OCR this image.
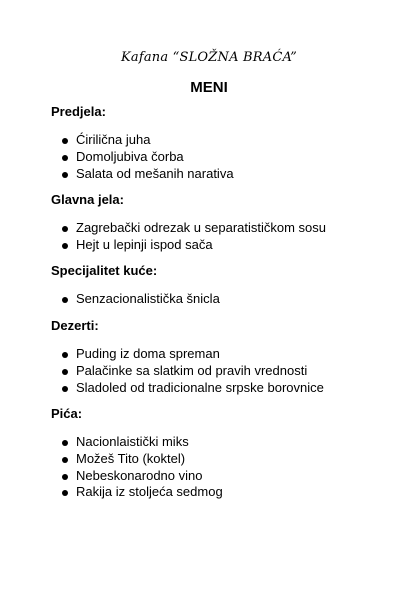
Kafana “SLOŽNA BRAĆA”
MENI
Predjela:
Ćirilična juha
Domoljubiva čorba
Salata od mešanih narativa
Glavna jela:
Zagrebački odrezak u separatističkom sosu
Hejt u lepinji ispod sača
Specijalitet kuće:
Senzacionalistička šnicla
Dezerti:
Puding iz doma spreman
Palačinke sa slatkim od pravih vrednosti
Sladoled od tradicionalne srpske borovnice
Pića:
Nacionlaistički miks
Možeš Tito (koktel)
Nebeskonarodno vino
Rakija iz stoljeća sedmog
